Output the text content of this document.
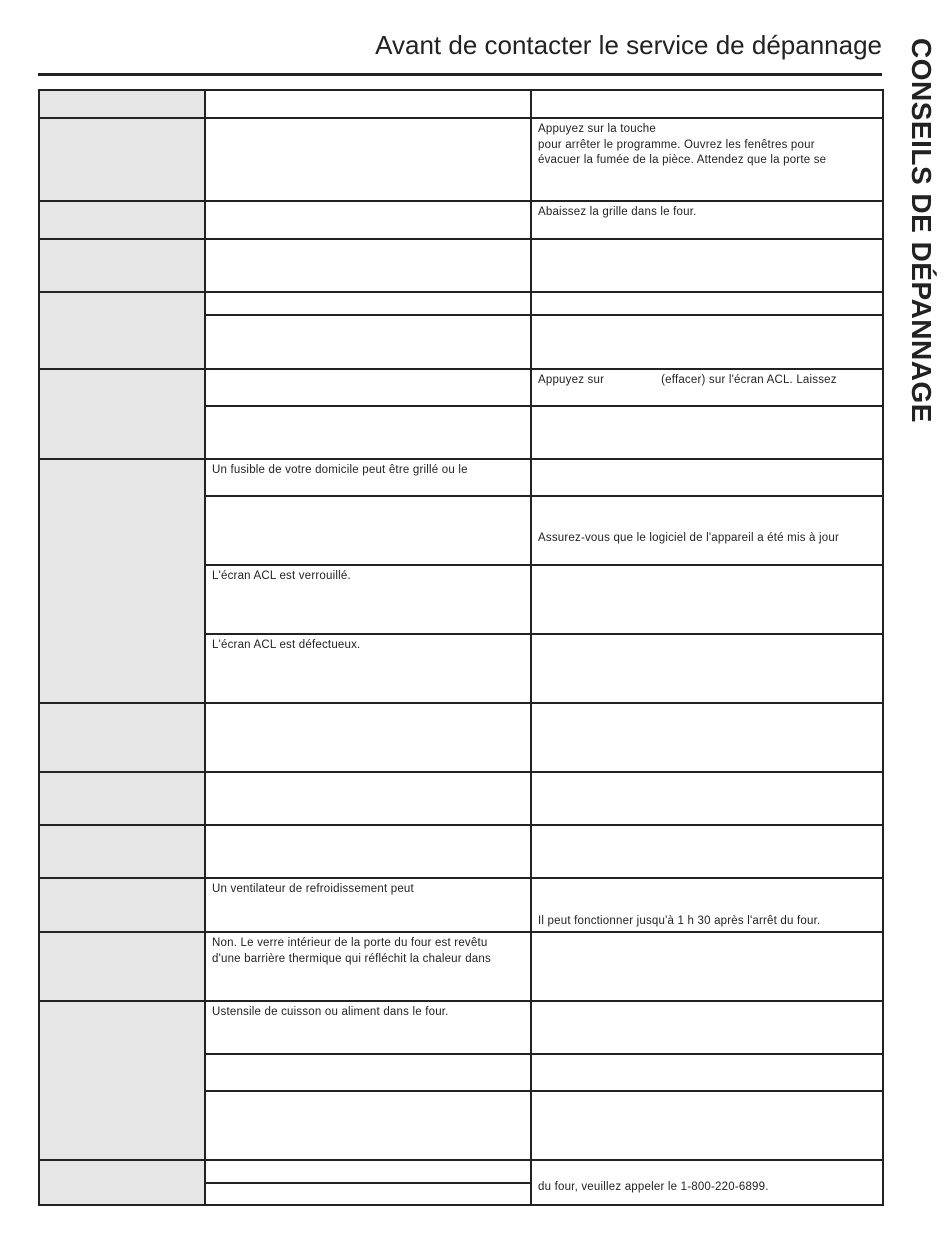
Avant de contacter le service de dépannage CONSEILS DE DÉPANNAGE

		Appuyez sur la touche
pour arrêter le programme. Ouvrez les fenêtres pour
évacuer la fumée de la pièce. Attendez que la porte se

		Abaissez la grille dans le four.

		Appuyez sur (effacer) sur l'écran ACL. Laissez

	Un fusible de votre domicile peut être grillé ou le	

		Assurez-vous que le logiciel de l'appareil a été mis à jour

	L'écran ACL est verrouillé.	

	L'écran ACL est défectueux.	

	Un ventilateur de refroidissement peut	Il peut fonctionner jusqu'à 1 h 30 après l'arrêt du four.

	Non. Le verre intérieur de la porte du four est revêtu
d'une barrière thermique qui réfléchit la chaleur dans	

	Ustensile de cuisson ou aliment dans le four.	

		du four, veuillez appeler le 1-800-220-6899.
